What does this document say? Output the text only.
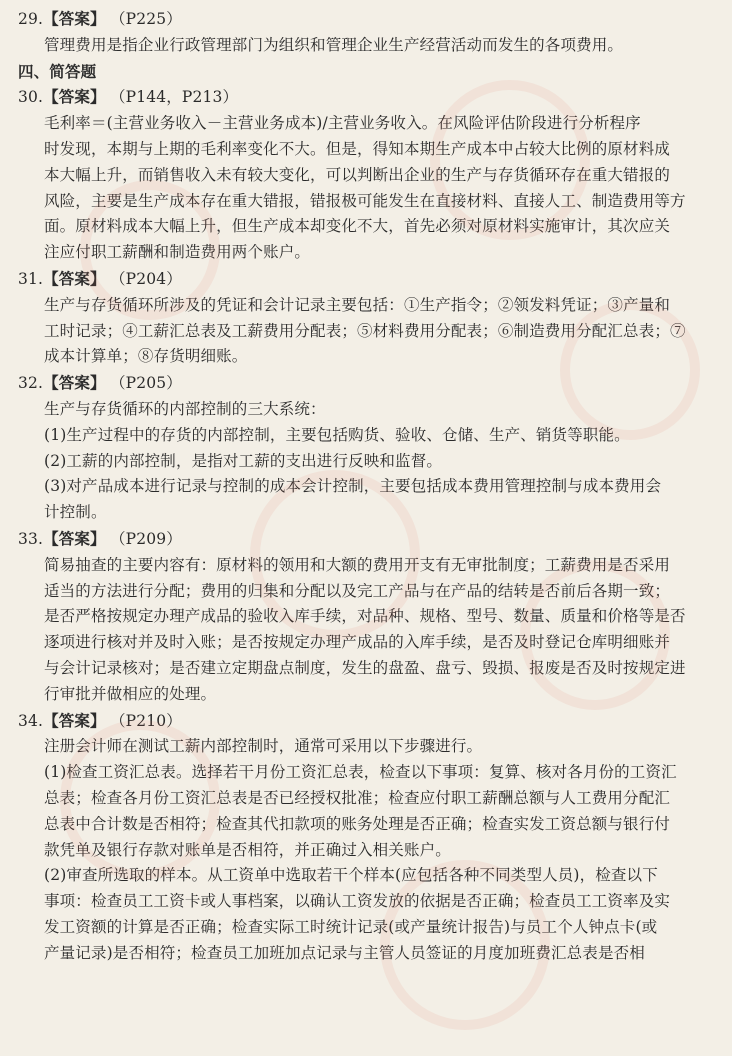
29.【答案】 （P225）
管理费用是指企业行政管理部门为组织和管理企业生产经营活动而发生的各项费用。
四、简答题
30.【答案】 （P144，P213）
毛利率＝(主营业务收入－主营业务成本)/主营业务收入。在风险评估阶段进行分析程序
时发现，本期与上期的毛利率变化不大。但是，得知本期生产成本中占较大比例的原材料成
本大幅上升，而销售收入未有较大变化，可以判断出企业的生产与存货循环存在重大错报的
风险，主要是生产成本存在重大错报，错报极可能发生在直接材料、直接人工、制造费用等方
面。原材料成本大幅上升，但生产成本却变化不大，首先必须对原材料实施审计，其次应关
注应付职工薪酬和制造费用两个账户。
31.【答案】 （P204）
生产与存货循环所涉及的凭证和会计记录主要包括：①生产指令；②领发料凭证；③产量和
工时记录；④工薪汇总表及工薪费用分配表；⑤材料费用分配表；⑥制造费用分配汇总表；⑦
成本计算单；⑧存货明细账。
32.【答案】 （P205）
生产与存货循环的内部控制的三大系统：
(1)生产过程中的存货的内部控制，主要包括购货、验收、仓储、生产、销货等职能。
(2)工薪的内部控制，是指对工薪的支出进行反映和监督。
(3)对产品成本进行记录与控制的成本会计控制，主要包括成本费用管理控制与成本费用会
计控制。
33.【答案】 （P209）
简易抽查的主要内容有：原材料的领用和大额的费用开支有无审批制度；工薪费用是否采用
适当的方法进行分配；费用的归集和分配以及完工产品与在产品的结转是否前后各期一致；
是否严格按规定办理产成品的验收入库手续，对品种、规格、型号、数量、质量和价格等是否
逐项进行核对并及时入账；是否按规定办理产成品的入库手续，是否及时登记仓库明细账并
与会计记录核对；是否建立定期盘点制度，发生的盘盈、盘亏、毁损、报废是否及时按规定进
行审批并做相应的处理。
34.【答案】 （P210）
注册会计师在测试工薪内部控制时，通常可采用以下步骤进行。
(1)检查工资汇总表。选择若干月份工资汇总表，检查以下事项：复算、核对各月份的工资汇
总表；检查各月份工资汇总表是否已经授权批准；检查应付职工薪酬总额与人工费用分配汇
总表中合计数是否相符；检查其代扣款项的账务处理是否正确；检查实发工资总额与银行付
款凭单及银行存款对账单是否相符，并正确过入相关账户。
(2)审查所选取的样本。从工资单中选取若干个样本(应包括各种不同类型人员)，检查以下
事项：检查员工工资卡或人事档案，以确认工资发放的依据是否正确；检查员工工资率及实
发工资额的计算是否正确；检查实际工时统计记录(或产量统计报告)与员工个人钟点卡(或
产量记录)是否相符；检查员工加班加点记录与主管人员签证的月度加班费汇总表是否相
